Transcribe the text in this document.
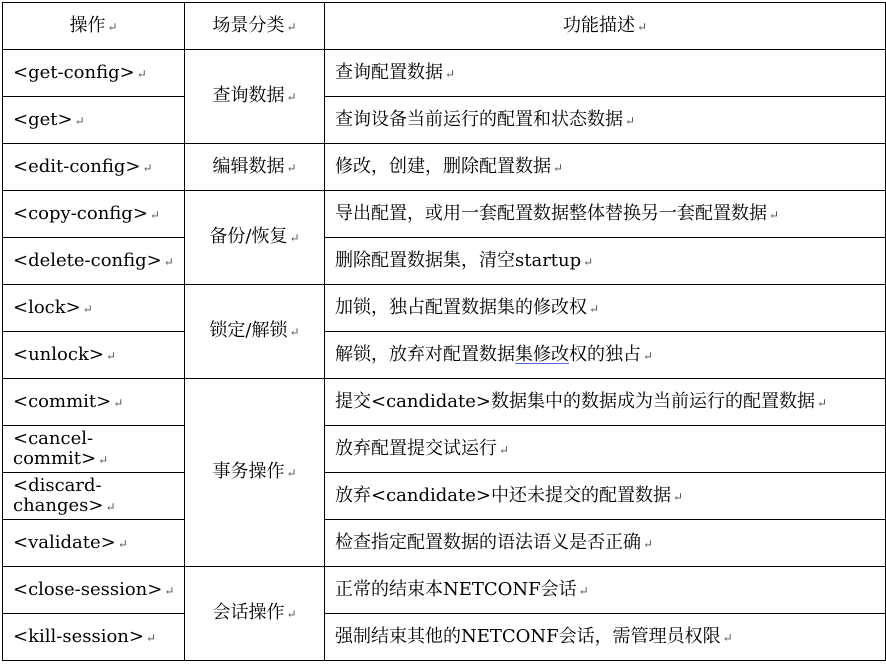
操作 ↵	场景分类 ↵	功能描述 ↵
<get-config> ↵	查询数据 ↵	查询配置数据 ↵
<get> ↵		查询设备当前运行的配置和状态数据 ↵
<edit-config> ↵	编辑数据 ↵	修改，创建，删除配置数据 ↵
<copy-config> ↵	备份/恢复 ↵	导出配置，或用一套配置数据整体替换另一套配置数据 ↵
<delete-config> ↵		删除配置数据集，清空startup ↵
<lock> ↵	锁定/解锁 ↵	加锁，独占配置数据集的修改权 ↵
<unlock> ↵		解锁，放弃对配置数据集修改权的独占 ↵
<commit> ↵	事务操作 ↵	提交<candidate>数据集中的数据成为当前运行的配置数据 ↵
<cancel-commit> ↵		放弃配置提交试运行 ↵
<discard-changes> ↵		放弃<candidate>中还未提交的配置数据 ↵
<validate> ↵		检查指定配置数据的语法语义是否正确 ↵
<close-session> ↵	会话操作 ↵	正常的结束本NETCONF会话 ↵
<kill-session> ↵		强制结束其他的NETCONF会话，需管理员权限 ↵
